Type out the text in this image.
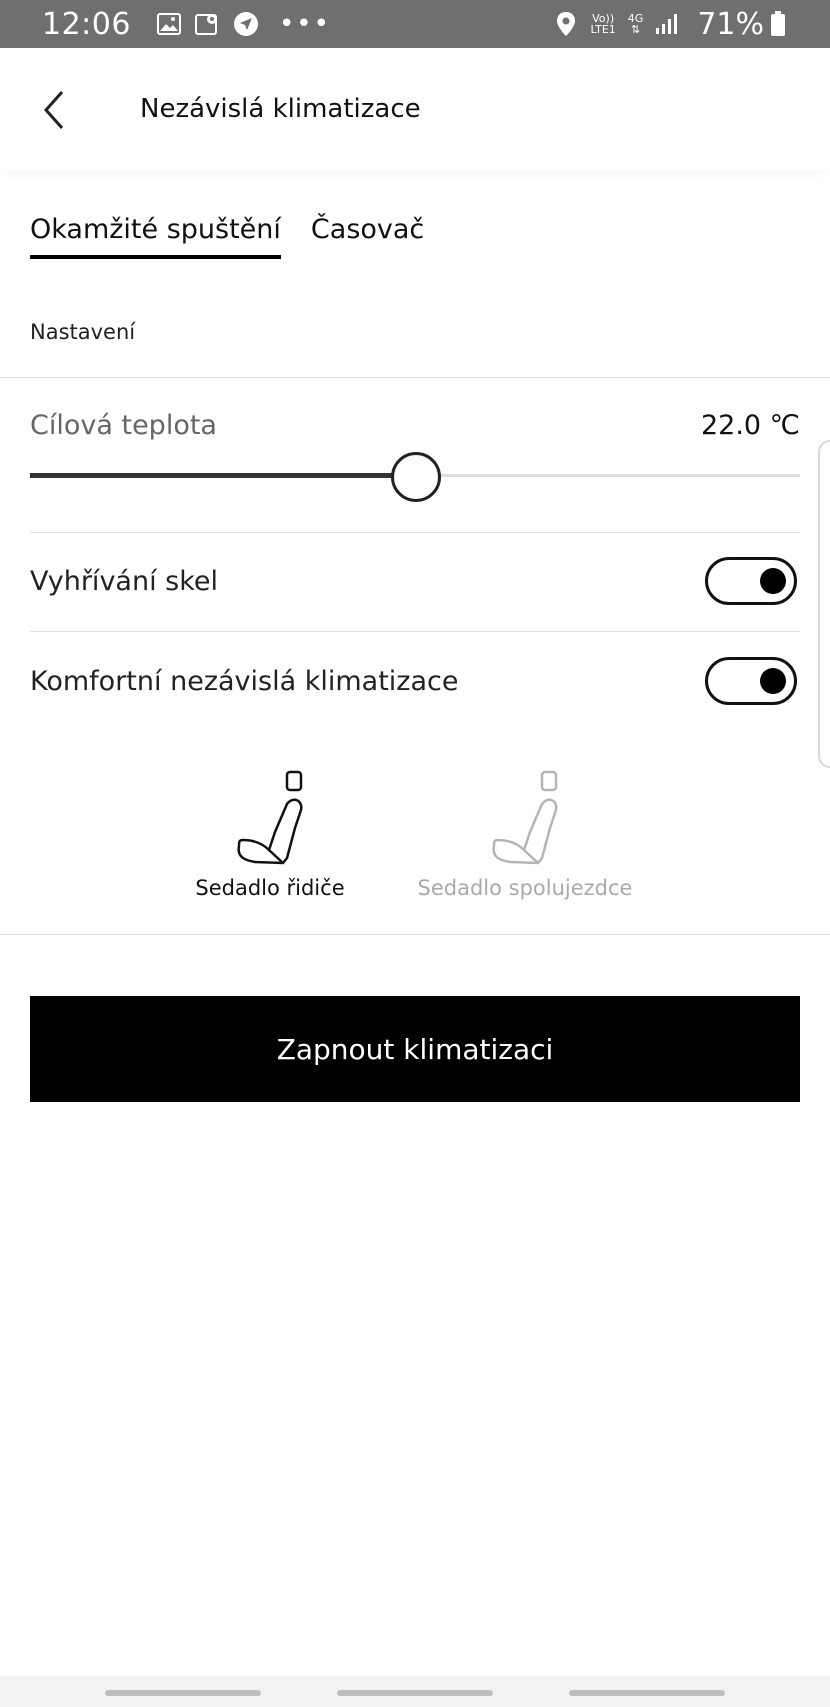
12:06	•••	Vo))
LTE1
4G
⇅ 71%
Nezávislá klimatizace
Okamžité spuštění Časovač
Nastavení
Cílová teplota	22.0 ℃
Vyhřívání skel
Komfortní nezávislá klimatizace
Sedadlo řidiče	Sedadlo spolujezdce
Zapnout klimatizaci
